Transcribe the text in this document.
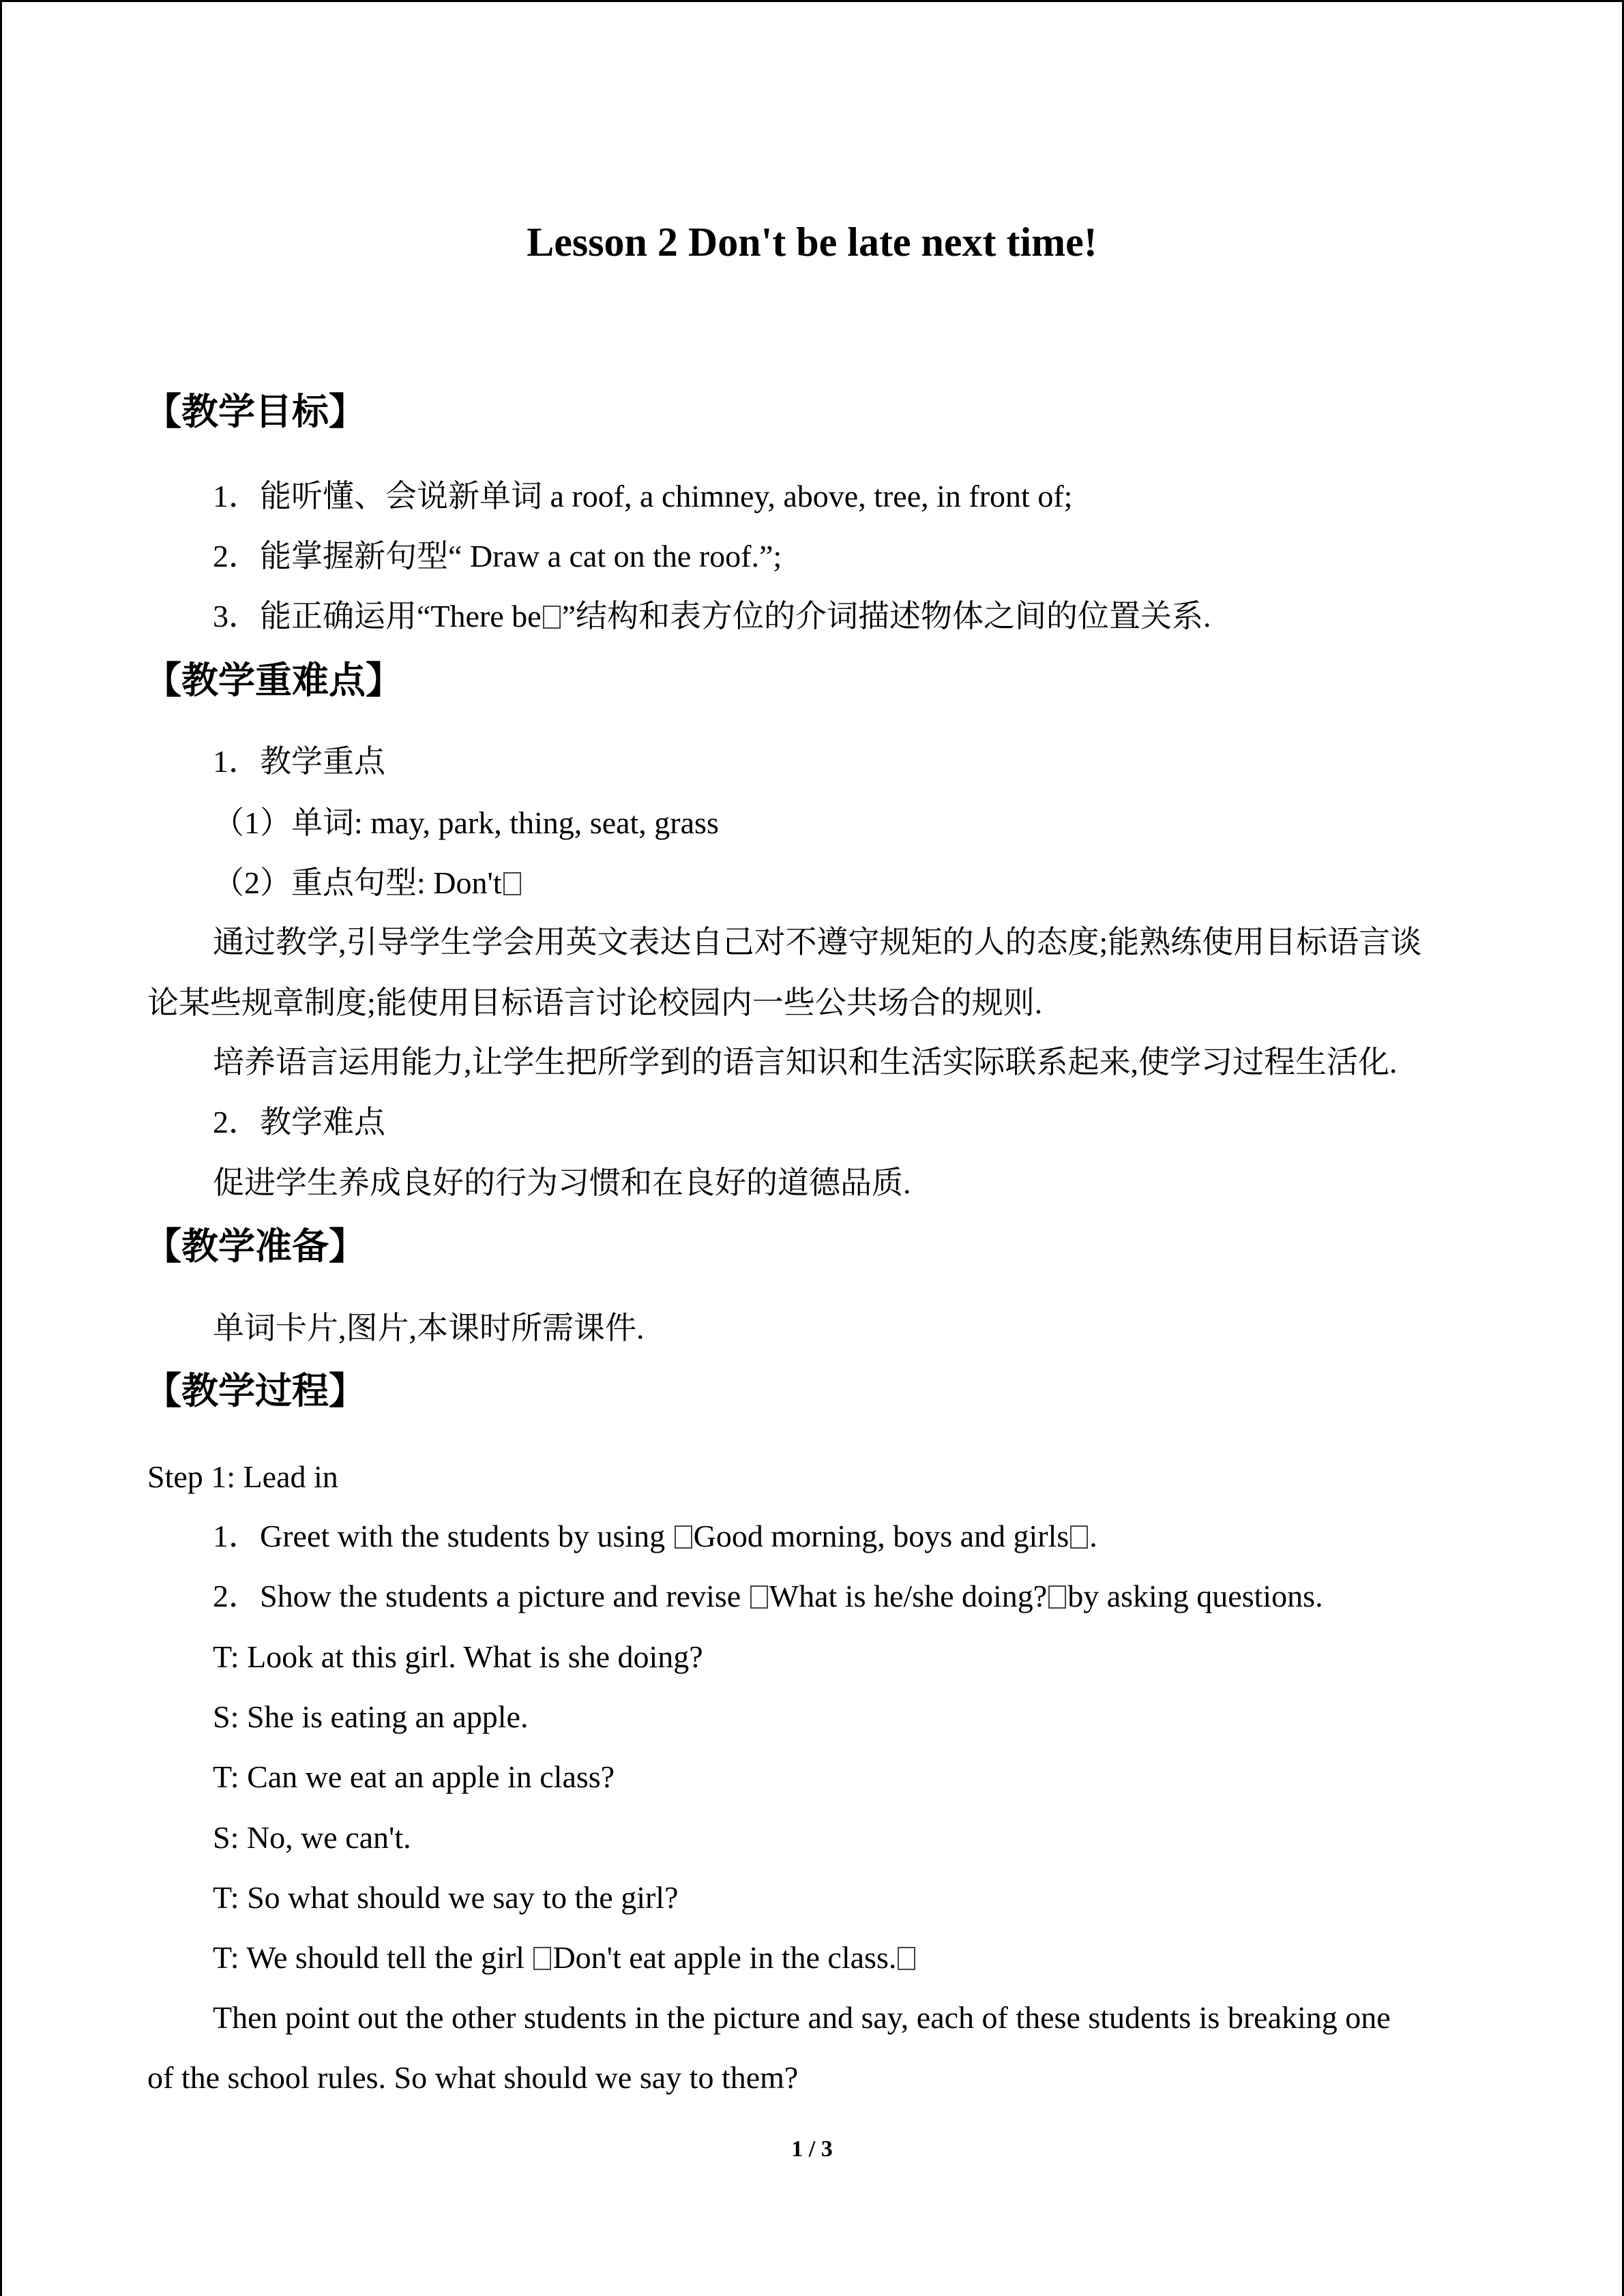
Lesson 2 Don't be late next time!
【教学目标】
1．能听懂、会说新单词 a roof, a chimney, above, tree, in front of;
2．能掌握新句型“ Draw a cat on the roof.”;
3．能正确运用“There be ”结构和表方位的介词描述物体之间的位置关系.
【教学重难点】
1．教学重点
（1）单词: may, park, thing, seat, grass
（2）重点句型: Don't
通过教学,引导学生学会用英文表达自己对不遵守规矩的人的态度;能熟练使用目标语言谈
论某些规章制度;能使用目标语言讨论校园内一些公共场合的规则.
培养语言运用能力,让学生把所学到的语言知识和生活实际联系起来,使学习过程生活化.
2．教学难点
促进学生养成良好的行为习惯和在良好的道德品质.
【教学准备】
单词卡片,图片,本课时所需课件.
【教学过程】
Step 1: Lead in
1．Greet with the students by using Good morning, boys and girls .
2．Show the students a picture and revise What is he/she doing? by asking questions.
T: Look at this girl. What is she doing?
S: She is eating an apple.
T: Can we eat an apple in class?
S: No, we can't.
T: So what should we say to the girl?
T: We should tell the girl Don't eat apple in the class.
Then point out the other students in the picture and say, each of these students is breaking one
of the school rules. So what should we say to them?
1 / 3
